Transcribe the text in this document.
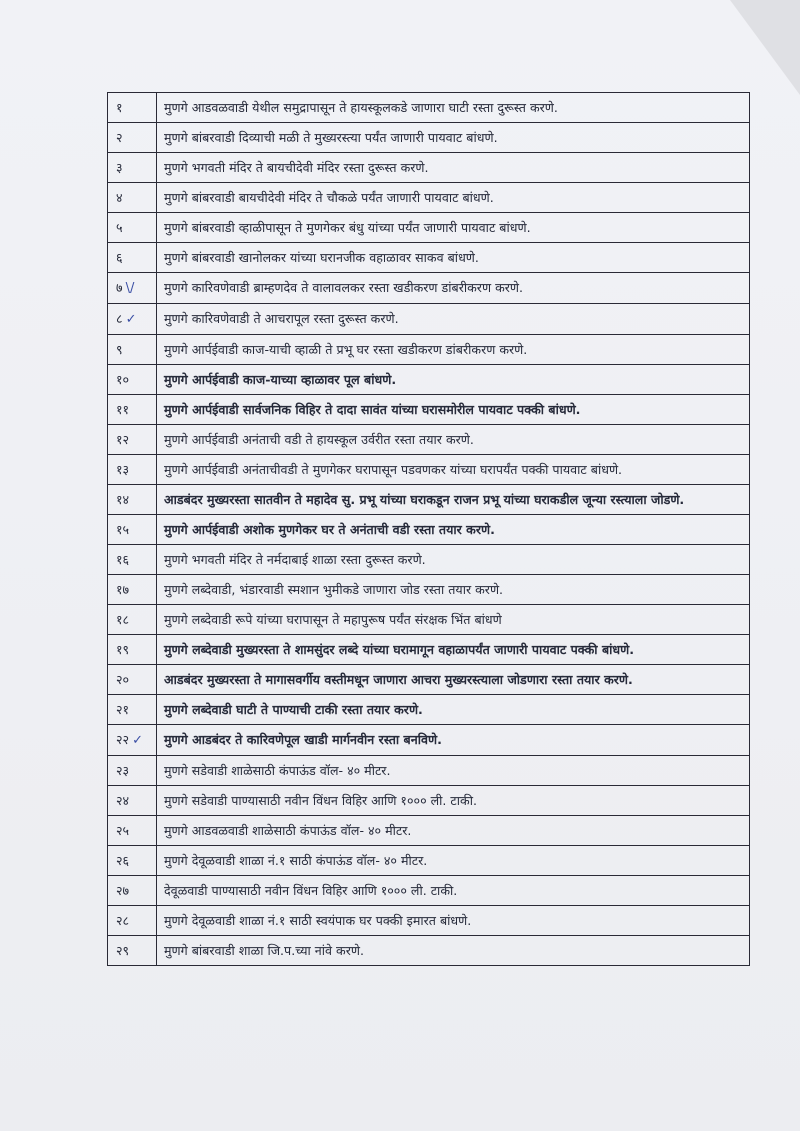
१	मुणगे आडवळवाडी येथील समुद्रापासून ते हायस्कूलकडे जाणारा घाटी रस्ता दुरूस्त करणे.
२	मुणगे बांबरवाडी दिव्याची मळी ते मुख्यरस्त्या पर्यंत जाणारी पायवाट बांधणे.
३	मुणगे भगवती मंदिर ते बायचीदेवी मंदिर रस्ता दुरूस्त करणे.
४	मुणगे बांबरवाडी बायचीदेवी मंदिर ते चौकळे पर्यंत जाणारी पायवाट बांधणे.
५	मुणगे बांबरवाडी व्हाळीपासून ते मुणगेकर बंधु यांच्या पर्यंत जाणारी पायवाट बांधणे.
६	मुणगे बांबरवाडी खानोलकर यांच्या घरानजीक वहाळावर साकव बांधणे.
७ \/	मुणगे कारिवणेवाडी ब्राम्हणदेव ते वालावलकर रस्ता खडीकरण डांबरीकरण करणे.
८ ✓	मुणगे कारिवणेवाडी ते आचरापूल रस्ता दुरूस्त करणे.
९	मुणगे आर्पईवाडी काज-याची व्हाळी ते प्रभू घर रस्ता खडीकरण डांबरीकरण करणे.
१०	मुणगे आर्पईवाडी काज-याच्या व्हाळावर पूल बांधणे.
११	मुणगे आर्पईवाडी सार्वजनिक विहिर ते दादा सावंत यांच्या घरासमोरील पायवाट पक्की बांधणे.
१२	मुणगे आर्पईवाडी अनंताची वडी ते हायस्कूल उर्वरीत रस्ता तयार करणे.
१३	मुणगे आर्पईवाडी अनंताचीवडी ते मुणगेकर घरापासून पडवणकर यांच्या घरापर्यंत पक्की पायवाट बांधणे.
१४	आडबंदर मुख्यरस्ता सातवीन ते महादेव सु. प्रभू यांच्या घराकडून राजन प्रभू यांच्या घराकडील जून्या रस्त्याला जोडणे.
१५	मुणगे आर्पईवाडी अशोक मुणगेकर घर ते अनंताची वडी रस्ता तयार करणे.
१६	मुणगे भगवती मंदिर ते नर्मदाबाई शाळा रस्ता दुरूस्त करणे.
१७	मुणगे लब्देवाडी, भंडारवाडी स्मशान भुमीकडे जाणारा जोड रस्ता तयार करणे.
१८	मुणगे लब्देवाडी रूपे यांच्या घरापासून ते महापुरूष पर्यंत संरक्षक भिंत बांधणे
१९	मुणगे लब्देवाडी मुख्यरस्ता ते शामसुंदर लब्दे यांच्या घरामागून वहाळापर्यंत जाणारी पायवाट पक्की बांधणे.
२०	आडबंदर मुख्यरस्ता ते मागासवर्गीय वस्तीमधून जाणारा आचरा मुख्यरस्त्याला जोडणारा रस्ता तयार करणे.
२१	मुणगे लब्देवाडी घाटी ते पाण्याची टाकी रस्ता तयार करणे.
२२ ✓	मुणगे आडबंदर ते कारिवणेपूल खाडी मार्गनवीन रस्ता बनविणे.
२३	मुणगे सडेवाडी शाळेसाठी कंपाऊंड वॉल- ४० मीटर.
२४	मुणगे सडेवाडी पाण्यासाठी नवीन विंधन विहिर आणि १००० ली. टाकी.
२५	मुणगे आडवळवाडी शाळेसाठी कंपाऊंड वॉल- ४० मीटर.
२६	मुणगे देवूळवाडी शाळा नं.१ साठी कंपाऊंड वॉल- ४० मीटर.
२७	देवूळवाडी पाण्यासाठी नवीन विंधन विहिर आणि १००० ली. टाकी.
२८	मुणगे देवूळवाडी शाळा नं.१ साठी स्वयंपाक घर पक्की इमारत बांधणे.
२९	मुणगे बांबरवाडी शाळा जि.प.च्या नांवे करणे.
